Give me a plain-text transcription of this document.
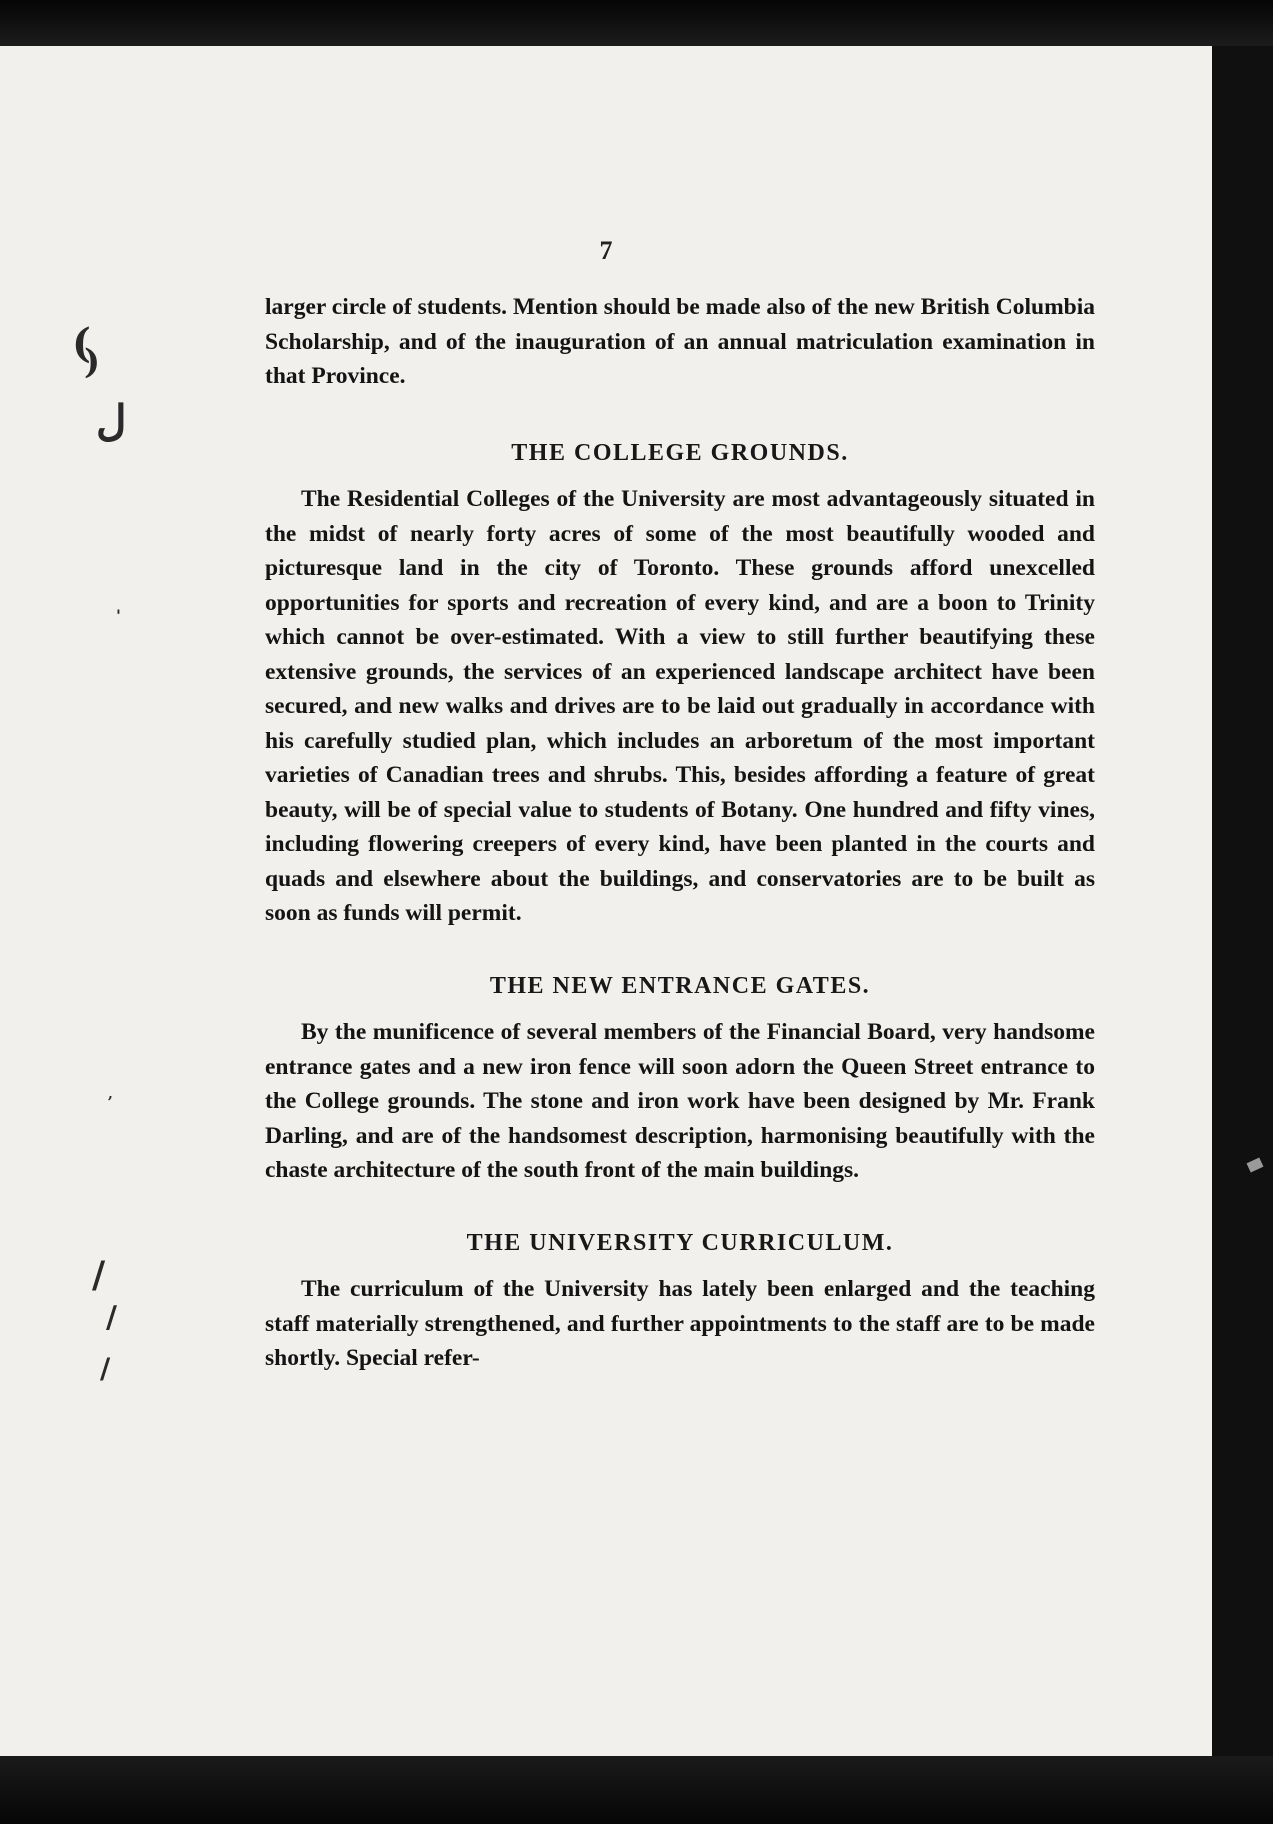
7
(
)
ل
'
,
/
/
/

larger circle of students. Mention should be made also of the new British Columbia Scholarship, and of the inauguration of an annual matriculation examination in that Province.

THE COLLEGE GROUNDS.

The Residential Colleges of the University are most advantageously situated in the midst of nearly forty acres of some of the most beautifully wooded and picturesque land in the city of Toronto. These grounds afford unexcelled opportunities for sports and recreation of every kind, and are a boon to Trinity which cannot be over-estimated. With a view to still further beautifying these extensive grounds, the services of an experienced landscape architect have been secured, and new walks and drives are to be laid out gradually in accordance with his carefully studied plan, which includes an arboretum of the most important varieties of Canadian trees and shrubs. This, besides affording a feature of great beauty, will be of special value to students of Botany. One hundred and fifty vines, including flowering creepers of every kind, have been planted in the courts and quads and elsewhere about the buildings, and conservatories are to be built as soon as funds will permit.

THE NEW ENTRANCE GATES.

By the munificence of several members of the Financial Board, very handsome entrance gates and a new iron fence will soon adorn the Queen Street entrance to the College grounds. The stone and iron work have been designed by Mr. Frank Darling, and are of the handsomest description, harmonising beautifully with the chaste architecture of the south front of the main buildings.

THE UNIVERSITY CURRICULUM.

The curriculum of the University has lately been enlarged and the teaching staff materially strengthened, and further appointments to the staff are to be made shortly. Special refer-
